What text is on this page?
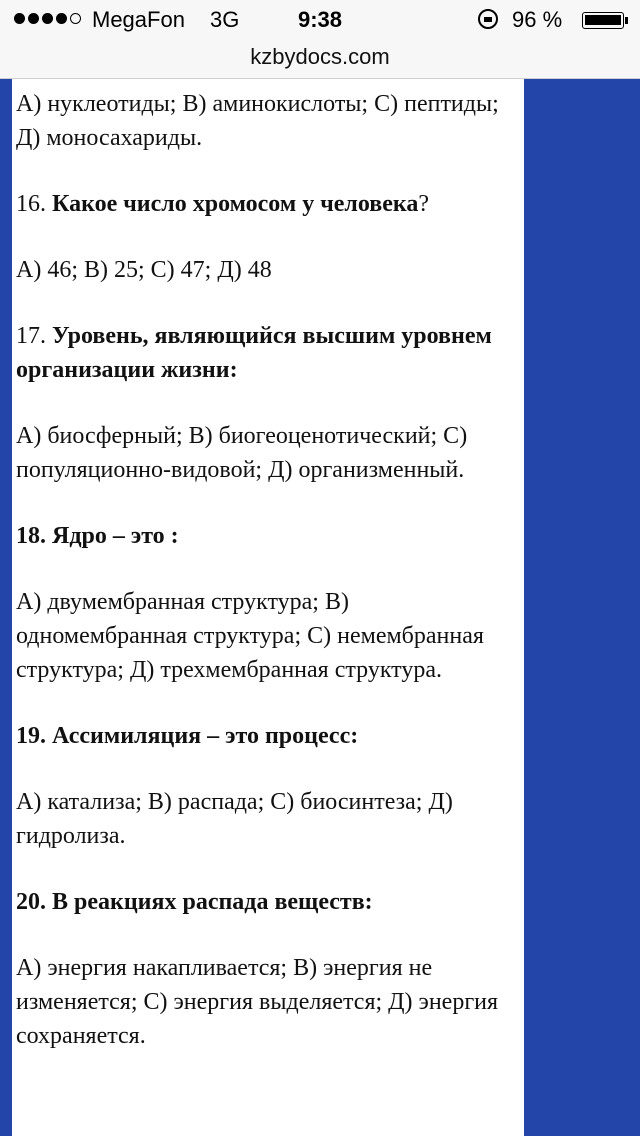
MegaFon 3G	9:38	96 %
kzbydocs.com

А) нуклеотиды; В) аминокислоты; С) пептиды; Д) моносахариды.

16. Какое число хромосом у человека?

А) 46; В) 25; С) 47; Д) 48

17. Уровень, являющийся высшим уровнем организации жизни:

А) биосферный; В) биогеоценотический; С) популяционно-видовой; Д) организменный.

18. Ядро – это :

А) двумембранная структура; В) одномембранная структура; С) немембранная структура; Д) трехмембранная структура.

19. Ассимиляция – это процесс:

А) катализа; В) распада; С) биосинтеза; Д) гидролиза.

20. В реакциях распада веществ:

А) энергия накапливается; В) энергия не изменяется; С) энергия выделяется; Д) энергия сохраняется.
